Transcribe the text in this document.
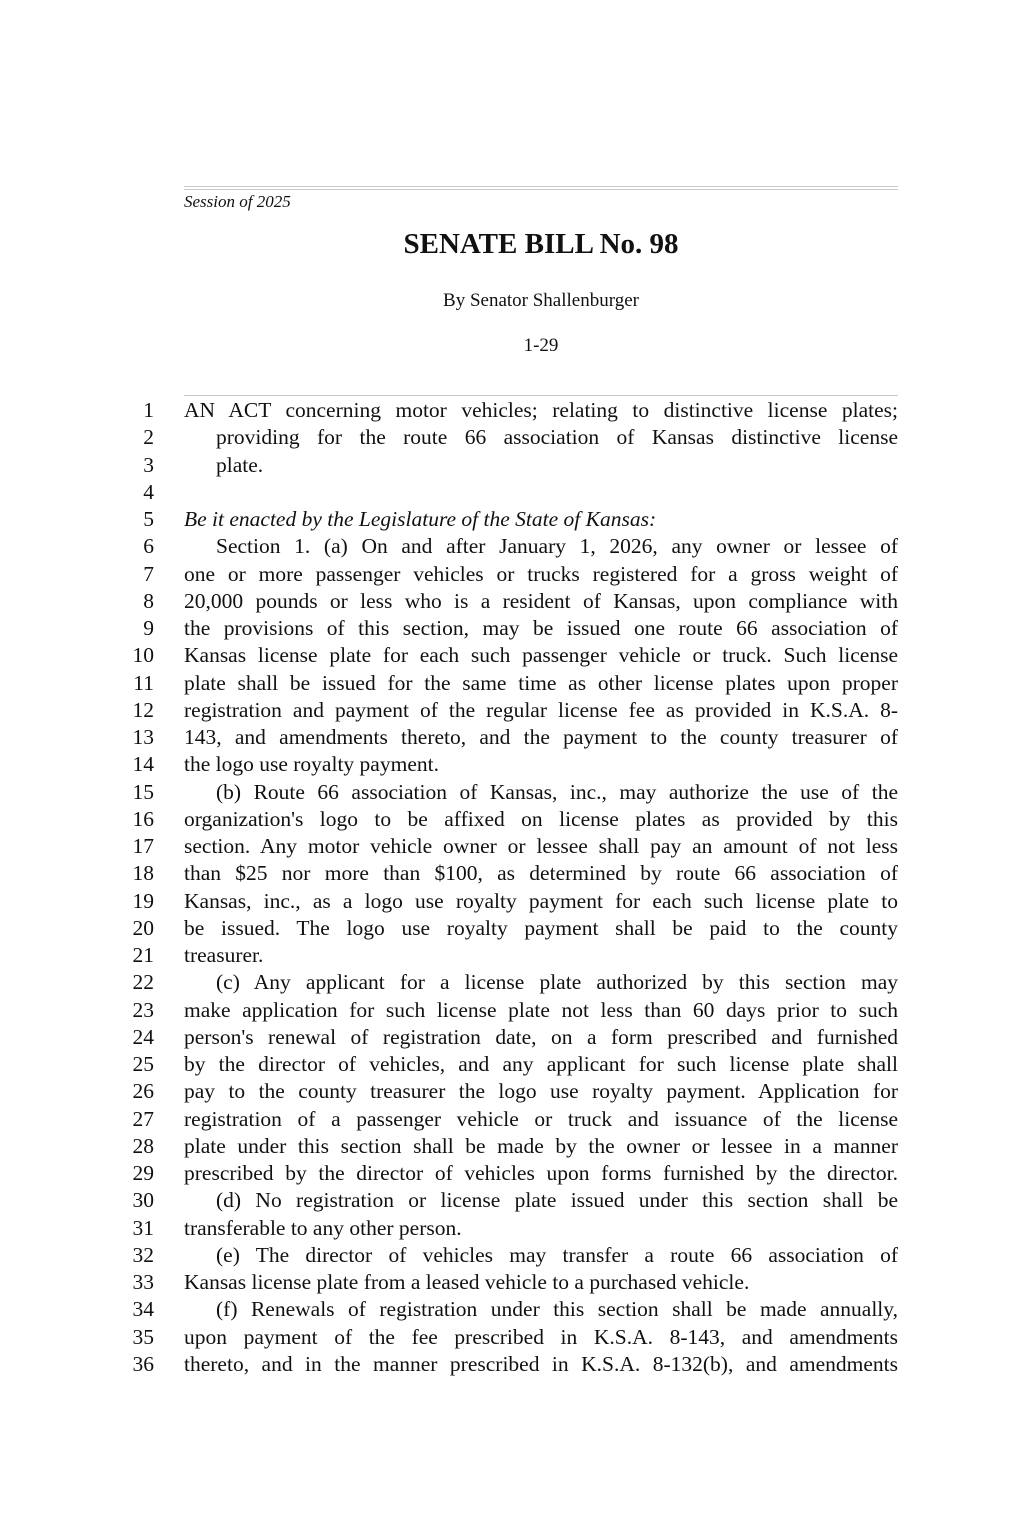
Session of 2025
SENATE BILL No. 98
By Senator Shallenburger
1-29
1 AN ACT concerning motor vehicles; relating to distinctive license plates;
2	providing for the route 66 association of Kansas distinctive license
3	plate.
4
5 Be it enacted by the Legislature of the State of Kansas:
6	Section 1. (a) On and after January 1, 2026, any owner or lessee of
7 one or more passenger vehicles or trucks registered for a gross weight of
8 20,000 pounds or less who is a resident of Kansas, upon compliance with
9 the provisions of this section, may be issued one route 66 association of
10 Kansas license plate for each such passenger vehicle or truck. Such license
11 plate shall be issued for the same time as other license plates upon proper
12 registration and payment of the regular license fee as provided in K.S.A. 8-
13 143, and amendments thereto, and the payment to the county treasurer of
14 the logo use royalty payment.
15	(b) Route 66 association of Kansas, inc., may authorize the use of the
16 organization's logo to be affixed on license plates as provided by this
17 section. Any motor vehicle owner or lessee shall pay an amount of not less
18 than $25 nor more than $100, as determined by route 66 association of
19 Kansas, inc., as a logo use royalty payment for each such license plate to
20 be issued. The logo use royalty payment shall be paid to the county
21 treasurer.
22	(c) Any applicant for a license plate authorized by this section may
23 make application for such license plate not less than 60 days prior to such
24 person's renewal of registration date, on a form prescribed and furnished
25 by the director of vehicles, and any applicant for such license plate shall
26 pay to the county treasurer the logo use royalty payment. Application for
27 registration of a passenger vehicle or truck and issuance of the license
28 plate under this section shall be made by the owner or lessee in a manner
29 prescribed by the director of vehicles upon forms furnished by the director.
30	(d) No registration or license plate issued under this section shall be
31 transferable to any other person.
32	(e) The director of vehicles may transfer a route 66 association of
33 Kansas license plate from a leased vehicle to a purchased vehicle.
34	(f) Renewals of registration under this section shall be made annually,
35 upon payment of the fee prescribed in K.S.A. 8-143, and amendments
36 thereto, and in the manner prescribed in K.S.A. 8-132(b), and amendments
